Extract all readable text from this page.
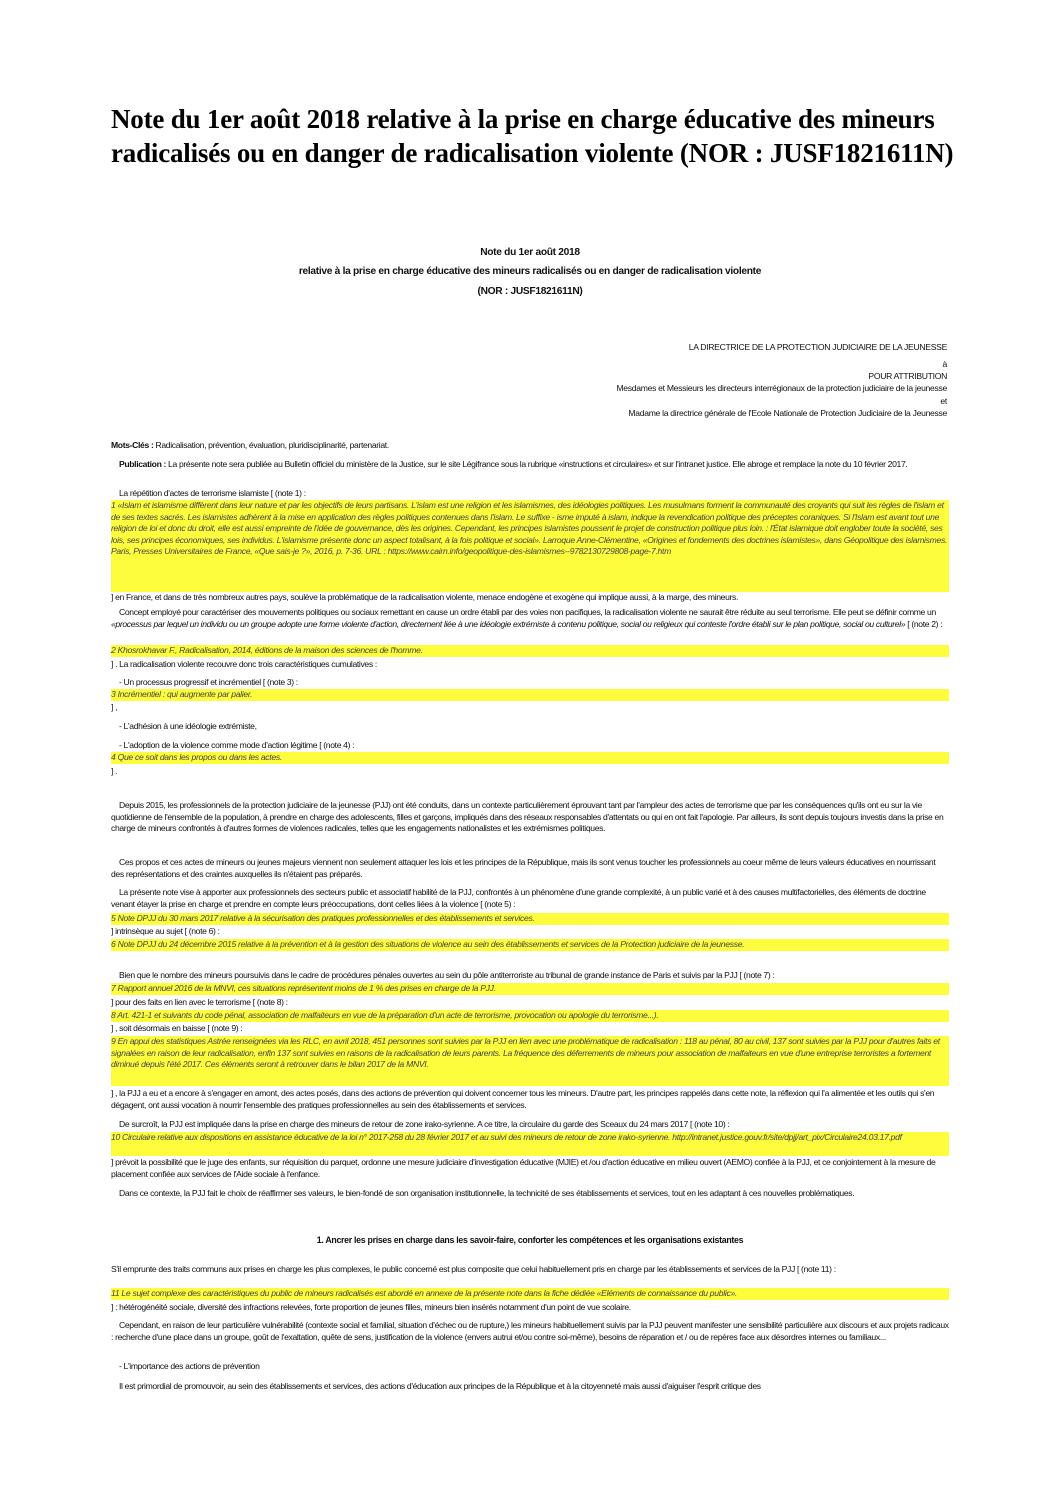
Note du 1er août 2018 relative à la prise en charge éducative des mineurs radicalisés ou en danger de radicalisation violente (NOR : JUSF1821611N)
Note du 1er août 2018
relative à la prise en charge éducative des mineurs radicalisés ou en danger de radicalisation violente
(NOR : JUSF1821611N)
LA DIRECTRICE DE LA PROTECTION JUDICIAIRE DE LA JEUNESSE
à
POUR ATTRIBUTION
Mesdames et Messieurs les directeurs interrégionaux de la protection judiciaire de la jeunesse
et
Madame la directrice générale de l'Ecole Nationale de Protection Judiciaire de la Jeunesse

Mots-Clés : Radicalisation, prévention, évaluation, pluridisciplinarité, partenariat.

Publication : La présente note sera publiée au Bulletin officiel du ministère de la Justice, sur le site Légifrance sous la rubrique «instructions et circulaires» et sur l'intranet justice. Elle abroge et remplace la note du 10 février 2017.

La répétition d'actes de terrorisme islamiste [ (note 1) :

1 «Islam et islamisme diffèrent dans leur nature et par les objectifs de leurs partisans. L'islam est une religion et les islamismes, des idéologies politiques. Les musulmans forment la communauté des croyants qui suit les règles de l'islam et de ses textes sacrés. Les islamistes adhèrent à la mise en application des règles politiques contenues dans l'islam. Le suffixe - isme imputé à islam, indique la revendication politique des préceptes coraniques. Si l'Islam est avant tout une religion de loi et donc du droit, elle est aussi empreinte de l'idée de gouvernance, dès les origines. Cependant, les principes islamistes poussent le projet de construction politique plus loin. : l'État islamique doit englober toute la société, ses lois, ses principes économiques, ses individus. L'islamisme présente donc un aspect totalisant, à la fois politique et social». Larroque Anne-Clémentine, «Origines et fondements des doctrines islamistes», dans Géopolitique des islamismes. Paris, Presses Universitaires de France, «Que sais-je ?», 2016, p. 7-36. URL : https://www.cairn.info/geopolitique-des-islamismes--9782130729808-page-7.htm

] en France, et dans de très nombreux autres pays, soulève la problématique de la radicalisation violente, menace endogène et exogène qui implique aussi, à la marge, des mineurs.

Concept employé pour caractériser des mouvements politiques ou sociaux remettant en cause un ordre établi par des voies non pacifiques, la radicalisation violente ne saurait être réduite au seul terrorisme. Elle peut se définir comme un «processus par lequel un individu ou un groupe adopte une forme violente d'action, directement liée à une idéologie extrémiste à contenu politique, social ou religieux qui conteste l'ordre établi sur le plan politique, social ou culturel» [ (note 2) :

2 Khosrokhavar F., Radicalisation, 2014, éditions de la maison des sciences de l'homme.

] . La radicalisation violente recouvre donc trois caractéristiques cumulatives :

- Un processus progressif et incrémentiel [ (note 3) :

3 Incrémentiel : qui augmente par palier.

] ,

- L'adhésion à une idéologie extrémiste,

- L'adoption de la violence comme mode d'action légitime [ (note 4) :

4 Que ce soit dans les propos ou dans les actes.

] .

Depuis 2015, les professionnels de la protection judiciaire de la jeunesse (PJJ) ont été conduits, dans un contexte particulièrement éprouvant tant par l'ampleur des actes de terrorisme que par les conséquences qu'ils ont eu sur la vie quotidienne de l'ensemble de la population, à prendre en charge des adolescents, filles et garçons, impliqués dans des réseaux responsables d'attentats ou qui en ont fait l'apologie. Par ailleurs, ils sont depuis toujours investis dans la prise en charge de mineurs confrontés à d'autres formes de violences radicales, telles que les engagements nationalistes et les extrémismes politiques.

Ces propos et ces actes de mineurs ou jeunes majeurs viennent non seulement attaquer les lois et les principes de la République, mais ils sont venus toucher les professionnels au coeur même de leurs valeurs éducatives en nourrissant des représentations et des craintes auxquelles ils n'étaient pas préparés.

La présente note vise à apporter aux professionnels des secteurs public et associatif habilité de la PJJ, confrontés à un phénomène d'une grande complexité, à un public varié et à des causes multifactorielles, des éléments de doctrine venant étayer la prise en charge et prendre en compte leurs préoccupations, dont celles liées à la violence [ (note 5) :

5 Note DPJJ du 30 mars 2017 relative à la sécurisation des pratiques professionnelles et des établissements et services.

] intrinsèque au sujet [ (note 6) :

6 Note DPJJ du 24 décembre 2015 relative à la prévention et à la gestion des situations de violence au sein des établissements et services de la Protection judiciaire de la jeunesse.

Bien que le nombre des mineurs poursuivis dans le cadre de procédures pénales ouvertes au sein du pôle antiterroriste au tribunal de grande instance de Paris et suivis par la PJJ [ (note 7) :

7 Rapport annuel 2016 de la MNVI, ces situations représentent moins de 1 % des prises en charge de la PJJ.

] pour des faits en lien avec le terrorisme [ (note 8) :

8 Art. 421-1 et suivants du code pénal, association de malfaiteurs en vue de la préparation d'un acte de terrorisme, provocation ou apologie du terrorisme...).

] , soit désormais en baisse [ (note 9) :

9 En appui des statistiques Astrée renseignées via les RLC, en avril 2018, 451 personnes sont suivies par la PJJ en lien avec une problématique de radicalisation : 118 au pénal, 80 au civil, 137 sont suivies par la PJJ pour d'autres faits et signalées en raison de leur radicalisation, enfin 137 sont suivies en raisons de la radicalisation de leurs parents. La fréquence des déferrements de mineurs pour association de malfaiteurs en vue d'une entreprise terroristes a fortement diminué depuis l'été 2017. Ces éléments seront à retrouver dans le bilan 2017 de la MNVI.

] , la PJJ a eu et a encore à s'engager en amont, des actes posés, dans des actions de prévention qui doivent concerner tous les mineurs. D'autre part, les principes rappelés dans cette note, la réflexion qui l'a alimentée et les outils qui s'en dégagent, ont aussi vocation à nourrir l'ensemble des pratiques professionnelles au sein des établissements et services.

De surcroît, la PJJ est impliquée dans la prise en charge des mineurs de retour de zone irako-syrienne. A ce titre, la circulaire du garde des Sceaux du 24 mars 2017 [ (note 10) :

10 Circulaire relative aux dispositions en assistance éducative de la loi n° 2017-258 du 28 février 2017 et au suivi des mineurs de retour de zone irako-syrienne. http://intranet.justice.gouv.fr/site/dpjj/art_pix/Circulaire24.03.17.pdf

] prévoit la possibilité que le juge des enfants, sur réquisition du parquet, ordonne une mesure judiciaire d'investigation éducative (MJIE) et /ou d'action éducative en milieu ouvert (AEMO) confiée à la PJJ, et ce conjointement à la mesure de placement confiée aux services de l'Aide sociale à l'enfance.

Dans ce contexte, la PJJ fait le choix de réaffirmer ses valeurs, le bien-fondé de son organisation institutionnelle, la technicité de ses établissements et services, tout en les adaptant à ces nouvelles problématiques.

1. Ancrer les prises en charge dans les savoir-faire, conforter les compétences et les organisations existantes

S'il emprunte des traits communs aux prises en charge les plus complexes, le public concerné est plus composite que celui habituellement pris en charge par les établissements et services de la PJJ [ (note 11) :

11 Le sujet complexe des caractéristiques du public de mineurs radicalisés est abordé en annexe de la présente note dans la fiche dédiée «Eléments de connaissance du public».

] : hétérogénéité sociale, diversité des infractions relevées, forte proportion de jeunes filles, mineurs bien insérés notamment d'un point de vue scolaire.

Cependant, en raison de leur particulière vulnérabilité (contexte social et familial, situation d'échec ou de rupture,) les mineurs habituellement suivis par la PJJ peuvent manifester une sensibilité particulière aux discours et aux projets radicaux : recherche d'une place dans un groupe, goût de l'exaltation, quête de sens, justification de la violence (envers autrui et/ou contre soi-même), besoins de réparation et / ou de repères face aux désordres internes ou familiaux...

- L'importance des actions de prévention

Il est primordial de promouvoir, au sein des établissements et services, des actions d'éducation aux principes de la République et à la citoyenneté mais aussi d'aiguiser l'esprit critique des
